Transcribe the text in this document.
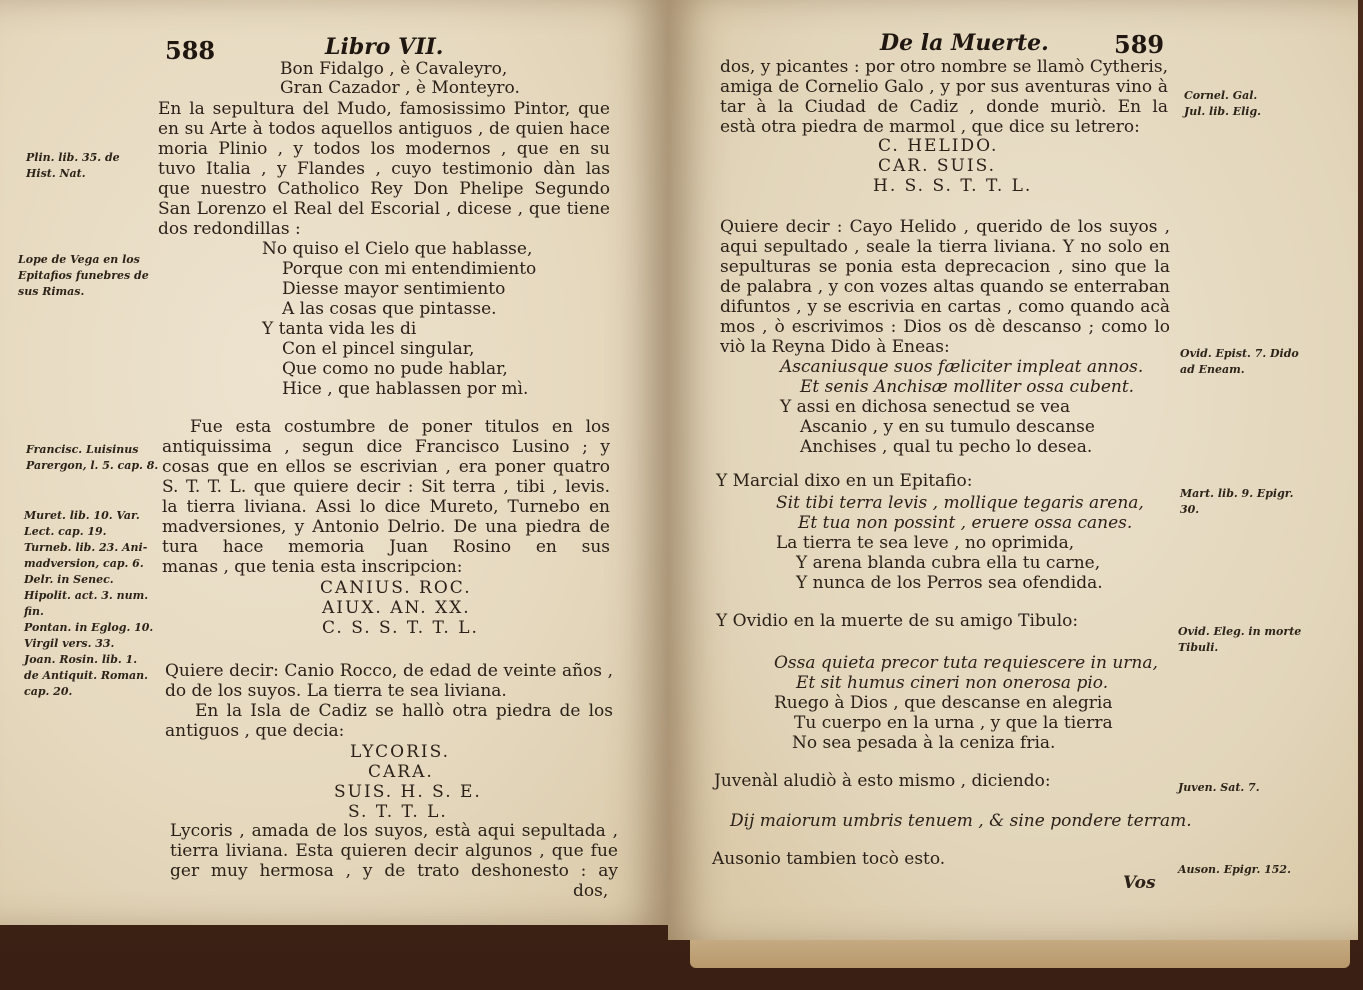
588	Libro VII.
Bon Fidalgo , è Cavaleyro,
Gran Cazador , è Monteyro.
En la sepultura del Mudo, famosissimo Pintor, que
en su Arte à todos aquellos antiguos , de quien hace
moria Plinio , y todos los modernos , que en su
tuvo Italia , y Flandes , cuyo testimonio dàn las
que nuestro Catholico Rey Don Phelipe Segundo
San Lorenzo el Real del Escorial , dicese , que tiene
dos redondillas :
No quiso el Cielo que hablasse,
Porque con mi entendimiento
Diesse mayor sentimiento
A las cosas que pintasse.
Y tanta vida les di
Con el pincel singular,
Que como no pude hablar,
Hice , que hablassen por mì.
Fue esta costumbre de poner titulos en los
antiquissima , segun dice Francisco Lusino ; y
cosas que en ellos se escrivian , era poner quatro
S. T. T. L. que quiere decir : Sit terra , tibi , levis.
la tierra liviana. Assi lo dice Mureto, Turnebo en
madversiones, y Antonio Delrio. De una piedra de
tura hace memoria Juan Rosino en sus
manas , que tenia esta inscripcion:
CANIUS. ROC.
AIUX. AN. XX.
C. S. S. T. T. L.
Quiere decir: Canio Rocco, de edad de veinte años ,
do de los suyos. La tierra te sea liviana.
En la Isla de Cadiz se hallò otra piedra de los
antiguos , que decia:
LYCORIS.
CARA.
SUIS. H. S. E.
S. T. T. L.
Lycoris , amada de los suyos, està aqui sepultada ,
tierra liviana. Esta quieren decir algunos , que fue
ger muy hermosa , y de trato deshonesto : ay
dos,
Plin. lib. 35. de
Hist. Nat.
Lope de Vega en los
Epitafios funebres de
sus Rimas.
Francisc. Luisinus
Parergon, l. 5. cap. 8.
Muret. lib. 10. Var.
Lect. cap. 19.
Turneb. lib. 23. Ani-
madversion, cap. 6.
Delr. in Senec.
Hipolit. act. 3. num.
fin.
Pontan. in Eglog. 10.
Virgil vers. 33.
Joan. Rosin. lib. 1.
de Antiquit. Roman.
cap. 20.
De la Muerte.	589
dos, y picantes : por otro nombre se llamò Cytheris,
amiga de Cornelio Galo , y por sus aventuras vino à
tar à la Ciudad de Cadiz , donde muriò. En la
està otra piedra de marmol , que dice su letrero:
C. HELIDO.
CAR. SUIS.
H. S. S. T. T. L.
Quiere decir : Cayo Helido , querido de los suyos ,
aqui sepultado , seale la tierra liviana. Y no solo en
sepulturas se ponia esta deprecacion , sino que la
de palabra , y con vozes altas quando se enterraban
difuntos , y se escrivia en cartas , como quando acà
mos , ò escrivimos : Dios os dè descanso ; como lo
viò la Reyna Dido à Eneas:
Ascaniusque suos fæliciter impleat annos.
Et senis Anchisæ molliter ossa cubent.
Y assi en dichosa senectud se vea
Ascanio , y en su tumulo descanse
Anchises , qual tu pecho lo desea.
Y Marcial dixo en un Epitafio:
Sit tibi terra levis , mollique tegaris arena,
Et tua non possint , eruere ossa canes.
La tierra te sea leve , no oprimida,
Y arena blanda cubra ella tu carne,
Y nunca de los Perros sea ofendida.
Y Ovidio en la muerte de su amigo Tibulo:
Ossa quieta precor tuta requiescere in urna,
Et sit humus cineri non onerosa pio.
Ruego à Dios , que descanse en alegria
Tu cuerpo en la urna , y que la tierra
No sea pesada à la ceniza fria.
Juvenàl aludiò à esto mismo , diciendo:
Dij maiorum umbris tenuem , & sine pondere terram.
Ausonio tambien tocò esto.
Vos
Cornel. Gal.
Jul. lib. Elig.
Ovid. Epist. 7. Dido
ad Eneam.
Mart. lib. 9. Epigr.
30.
Ovid. Eleg. in morte
Tibuli.
Juven. Sat. 7.
Auson. Epigr. 152.
